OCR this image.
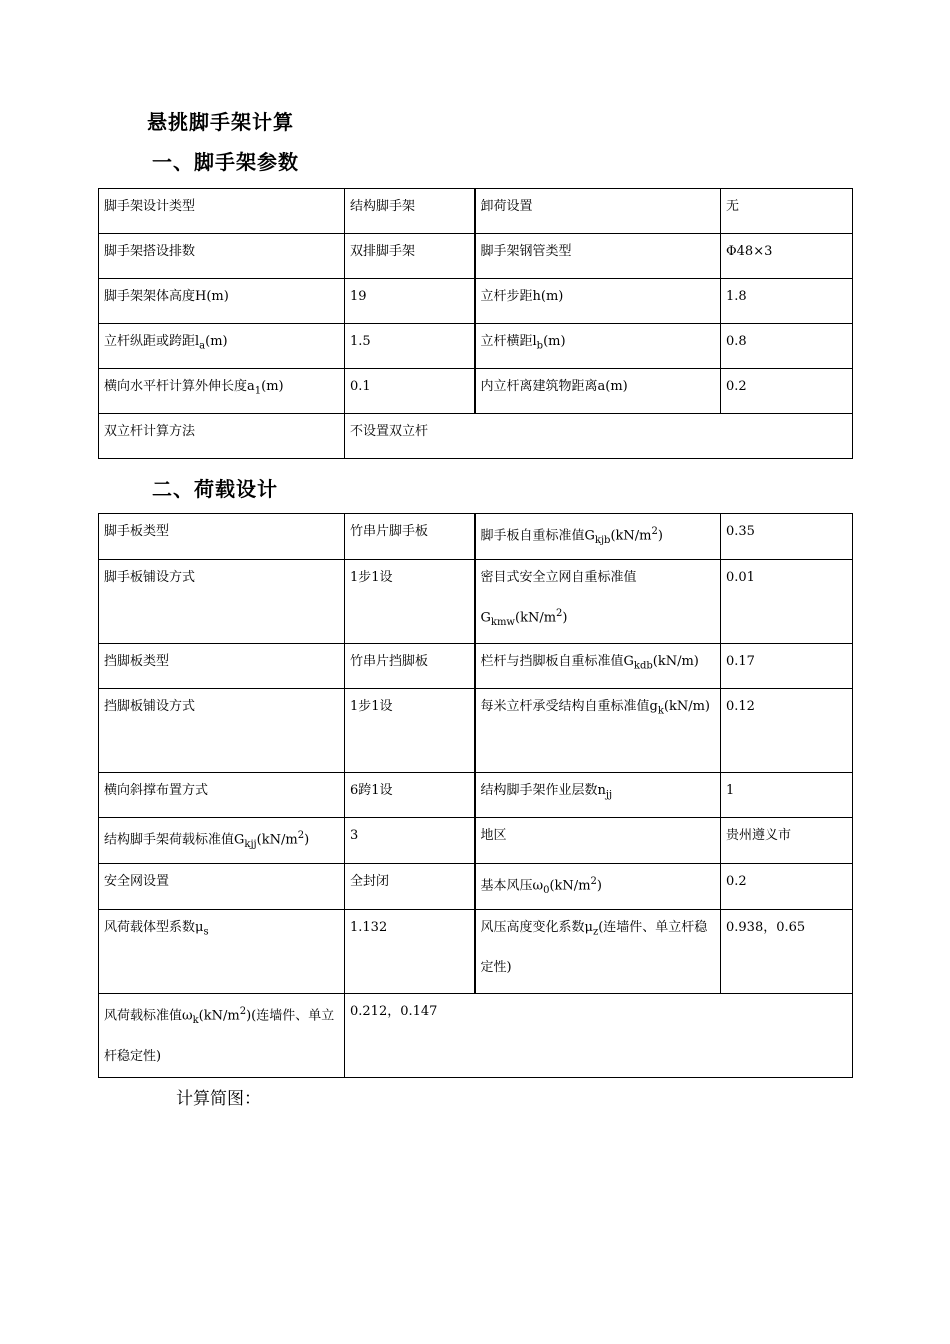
悬挑脚手架计算
一、脚手架参数
脚手架设计类型	结构脚手架	卸荷设置	无
脚手架搭设排数	双排脚手架	脚手架钢管类型	Φ48×3
脚手架架体高度H(m)	19	立杆步距h(m)	1.8
立杆纵距或跨距$l_a(m)$	1.5	立杆横距$l_b(m)$	0.8
横向水平杆计算外伸长度$a_1(m)$	0.1	内立杆离建筑物距离a(m)	0.2
双立杆计算方法	不设置双立杆		
二、荷载设计
脚手板类型	竹串片脚手板	脚手板自重标准值$G_{kjb}(kN/m^2)$	0.35
脚手板铺设方式	1步1设	密目式安全立网自重标准值$G_{kmw}(kN/m^2)$	0.01
挡脚板类型	竹串片挡脚板	栏杆与挡脚板自重标准值$G_{kdb}(kN/m)$	0.17
挡脚板铺设方式	1步1设	每米立杆承受结构自重标准值$g_k(kN/m)$	0.12
横向斜撑布置方式	6跨1设	结构脚手架作业层数$n_{jj}$	1
结构脚手架荷载标准值$G_{kjj}(kN/m^2)$	3	地区	贵州遵义市
安全网设置	全封闭	基本风压$\omega_0(kN/m^2)$	0.2
风荷载体型系数$\mu_s$	1.132	风压高度变化系数$\mu_z$(连墙件、单立杆稳定性)	0.938，0.65
风荷载标准值$\omega_k(kN/m^2)$(连墙件、单立杆稳定性)	0.212，0.147		
计算简图：
